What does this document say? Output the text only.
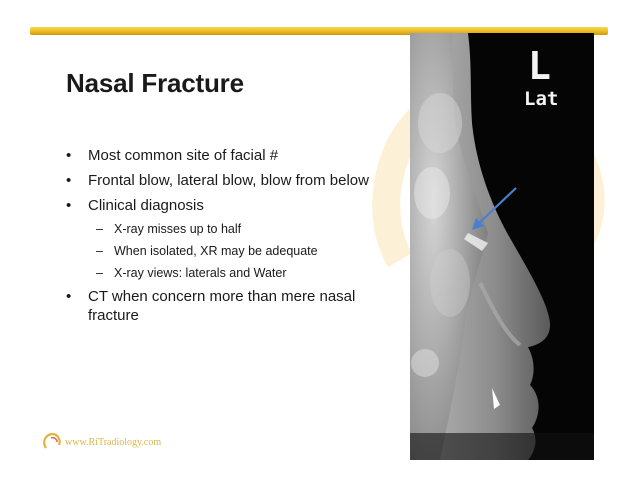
Nasal Fracture
•	Most common site of facial #
•	Frontal blow, lateral blow, blow from below
•	Clinical diagnosis
– X-ray misses up to half
– When isolated, XR may be adequate
– X-ray views: laterals and Water
•	CT when concern more than mere nasal fracture
L
Lat
www.RiTradiology.com
